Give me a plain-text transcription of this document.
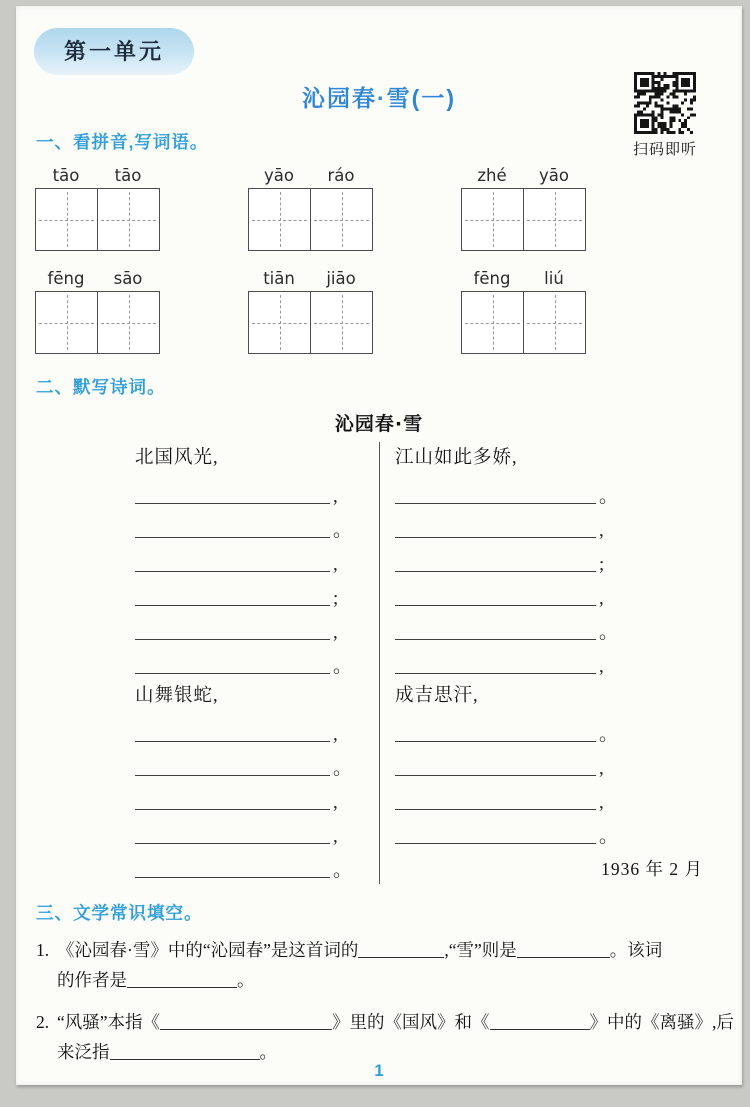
第一单元
扫码即听
沁园春·雪(一)
一、看拼音,写词语。
tāo	tāo	yāo	ráo	zhé	yāo
fēng	sāo	tiān	jiāo	fēng	liú
二、默写诗词。
沁园春·雪
北国风光,
,
。
,
;
,
。
山舞银蛇,
,
。
,
,
。
江山如此多娇,
。
,
;
,
。
,
成吉思汗,
。
,
,
。
1936 年 2 月
三、文学常识填空。
1. 《沁园春·雪》中的“沁园春”是这首词的	,“雪”则是	。该词
的作者是	。
2. “风骚”本指《	》里的《国风》和《	》中的《离骚》,后
来泛指	。
1
